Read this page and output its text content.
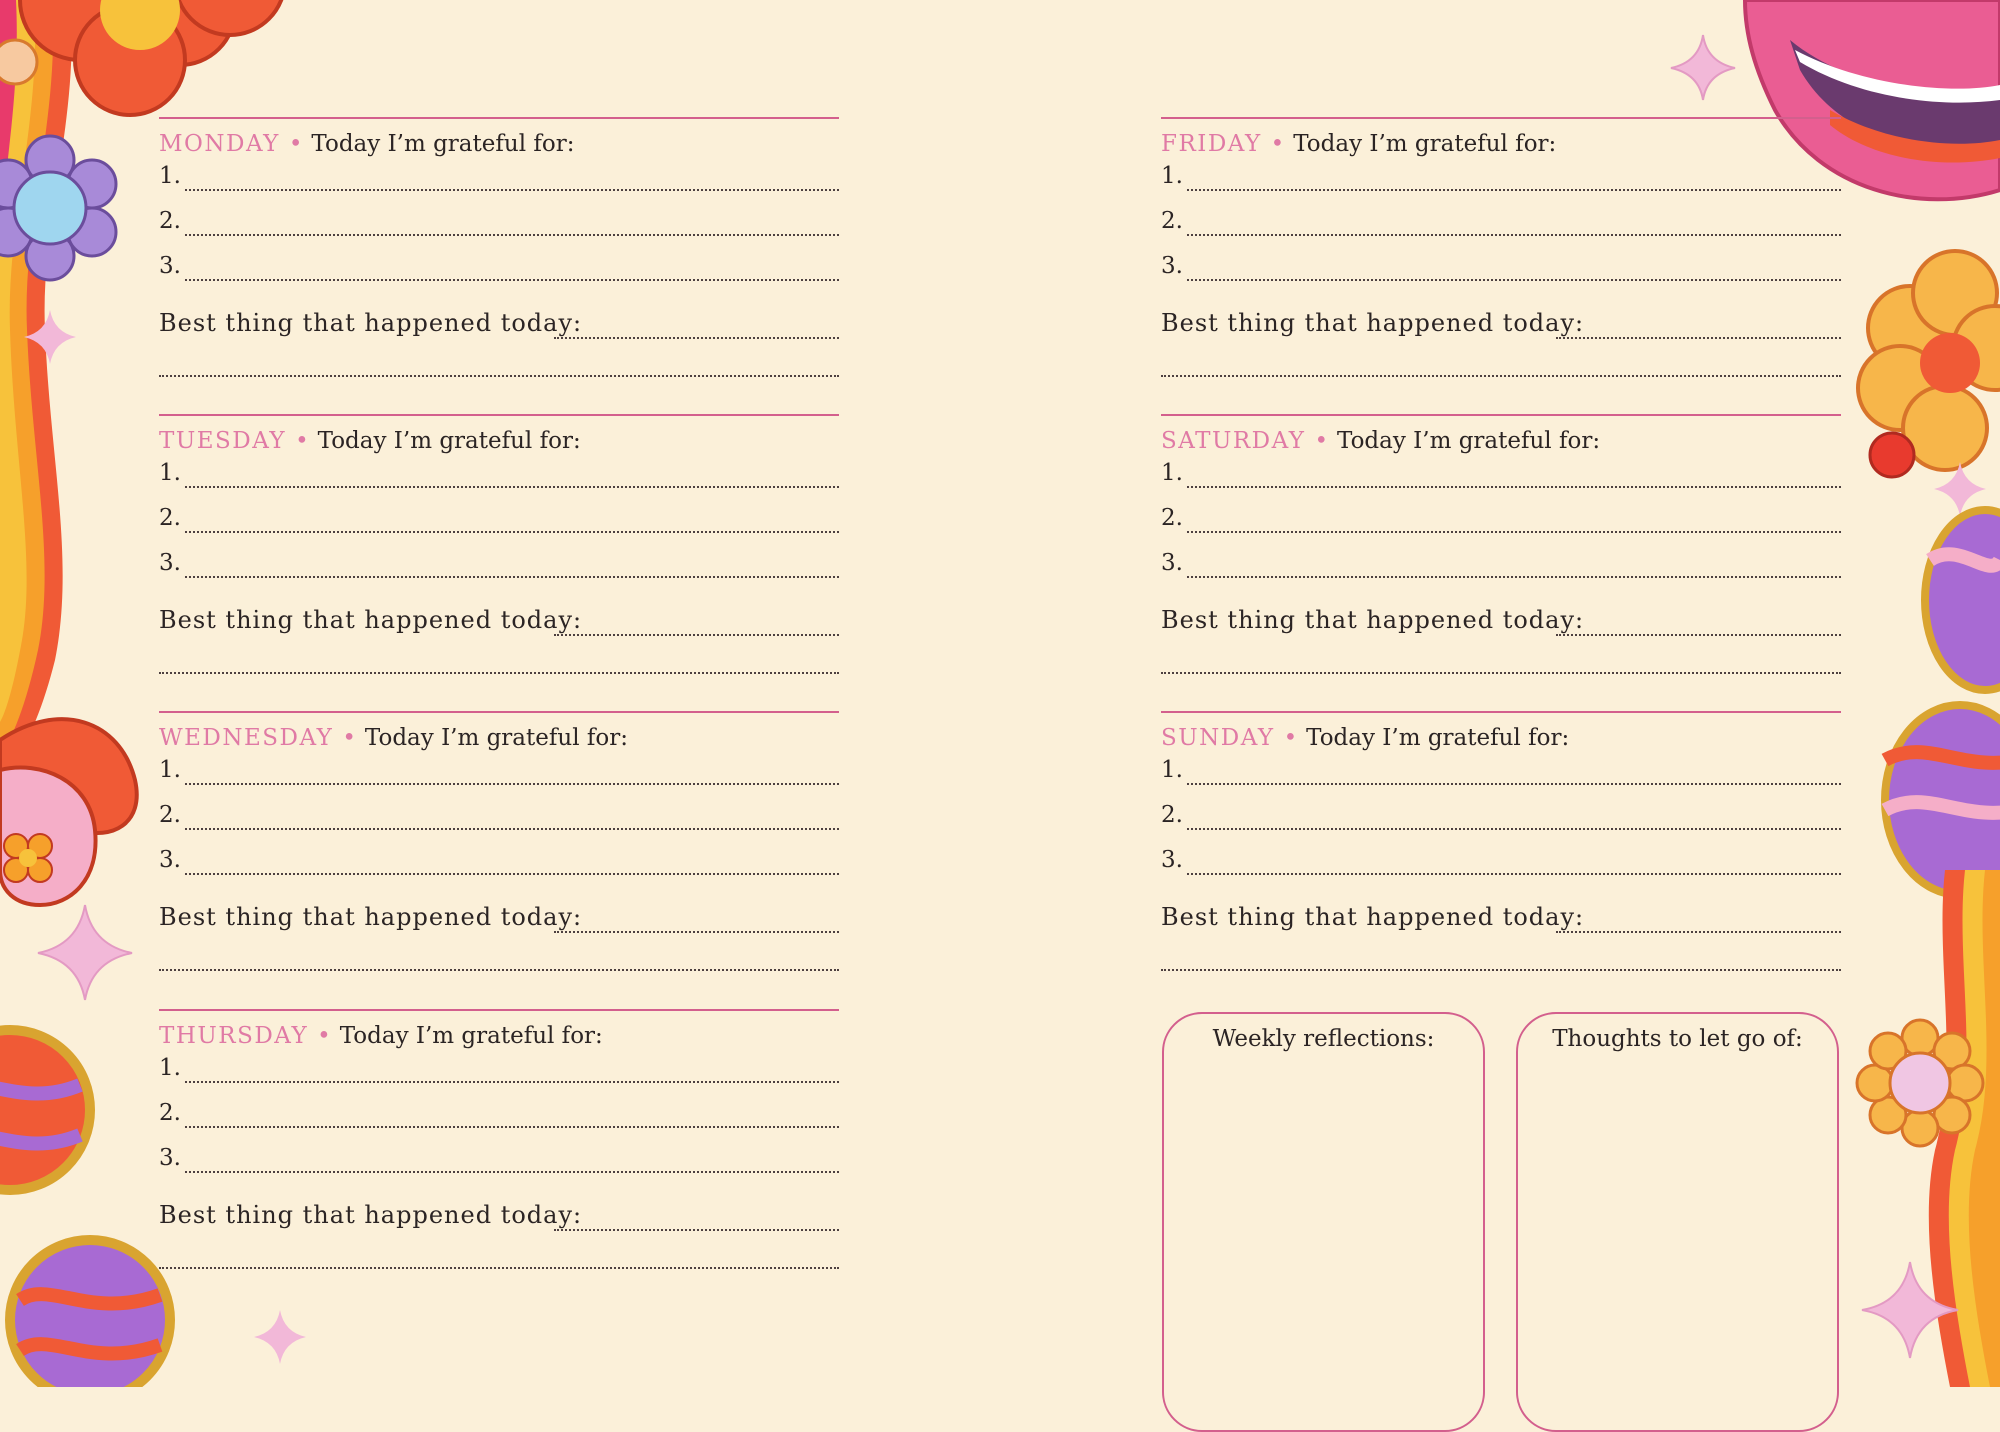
MONDAY • Today I’m grateful for:
1.
2.
3.
Best thing that happened today:
TUESDAY • Today I’m grateful for:
1.
2.
3.
Best thing that happened today:
WEDNESDAY • Today I’m grateful for:
1.
2.
3.
Best thing that happened today:
THURSDAY • Today I’m grateful for:
1.
2.
3.
Best thing that happened today:
FRIDAY • Today I’m grateful for:
1.
2.
3.
Best thing that happened today:
SATURDAY • Today I’m grateful for:
1.
2.
3.
Best thing that happened today:
SUNDAY • Today I’m grateful for:
1.
2.
3.
Best thing that happened today:
Weekly reflections:	Thoughts to let go of:
